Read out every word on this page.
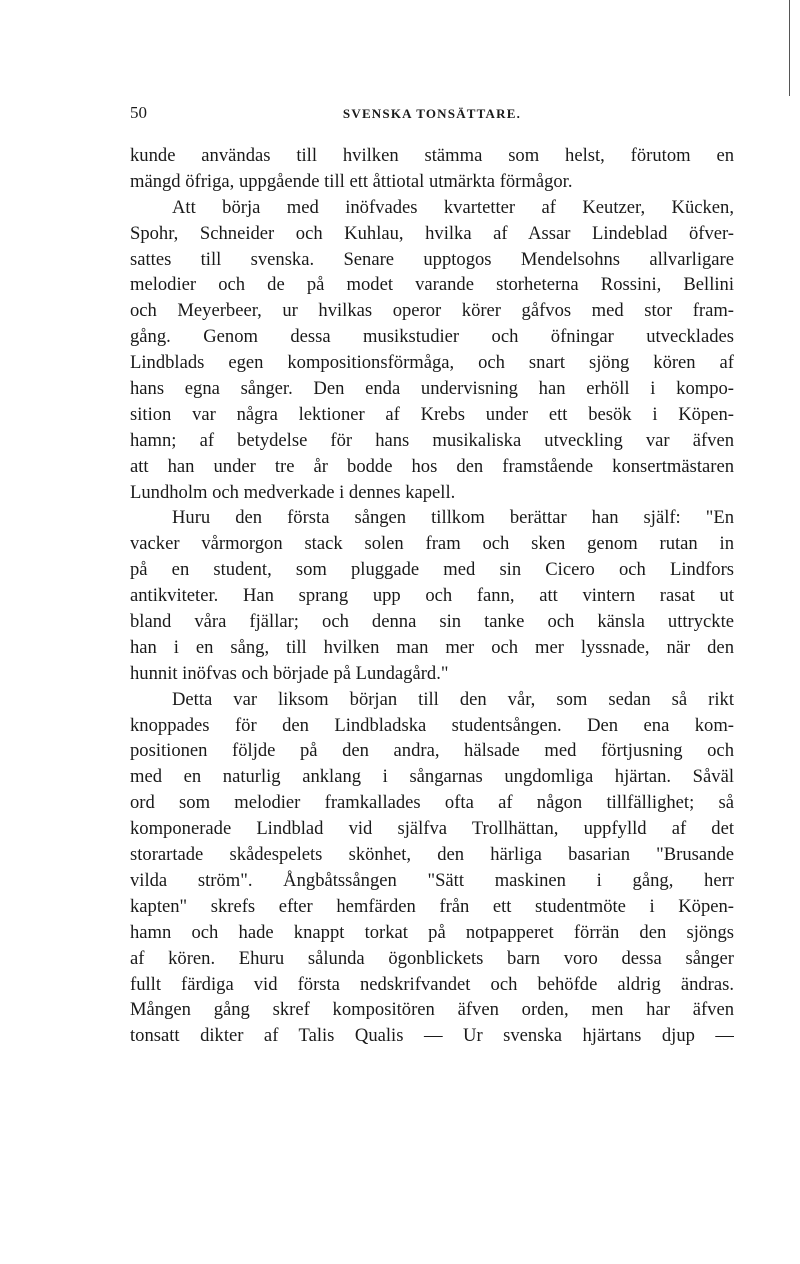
50	SVENSKA TONSÄTTARE.
kunde användas till hvilken stämma som helst, förutom en
mängd öfriga, uppgående till ett åttiotal utmärkta förmågor.
Att börja med inöfvades kvartetter af Keutzer, Kücken,
Spohr, Schneider och Kuhlau, hvilka af Assar Lindeblad öfver-
sattes till svenska. Senare upptogos Mendelsohns allvarligare
melodier och de på modet varande storheterna Rossini, Bellini
och Meyerbeer, ur hvilkas operor körer gåfvos med stor fram-
gång. Genom dessa musikstudier och öfningar utvecklades
Lindblads egen kompositionsförmåga, och snart sjöng kören af
hans egna sånger. Den enda undervisning han erhöll i kompo-
sition var några lektioner af Krebs under ett besök i Köpen-
hamn; af betydelse för hans musikaliska utveckling var äfven
att han under tre år bodde hos den framstående konsertmästaren
Lundholm och medverkade i dennes kapell.
Huru den första sången tillkom berättar han själf: "En
vacker vårmorgon stack solen fram och sken genom rutan in
på en student, som pluggade med sin Cicero och Lindfors
antikviteter. Han sprang upp och fann, att vintern rasat ut
bland våra fjällar; och denna sin tanke och känsla uttryckte
han i en sång, till hvilken man mer och mer lyssnade, när den
hunnit inöfvas och började på Lundagård."
Detta var liksom början till den vår, som sedan så rikt
knoppades för den Lindbladska studentsången. Den ena kom-
positionen följde på den andra, hälsade med förtjusning och
med en naturlig anklang i sångarnas ungdomliga hjärtan. Såväl
ord som melodier framkallades ofta af någon tillfällighet; så
komponerade Lindblad vid själfva Trollhättan, uppfylld af det
storartade skådespelets skönhet, den härliga basarian "Brusande
vilda ström". Ångbåtssången "Sätt maskinen i gång, herr
kapten" skrefs efter hemfärden från ett studentmöte i Köpen-
hamn och hade knappt torkat på notpapperet förrän den sjöngs
af kören. Ehuru sålunda ögonblickets barn voro dessa sånger
fullt färdiga vid första nedskrifvandet och behöfde aldrig ändras.
Mången gång skref kompositören äfven orden, men har äfven
tonsatt dikter af Talis Qualis — Ur svenska hjärtans djup —
